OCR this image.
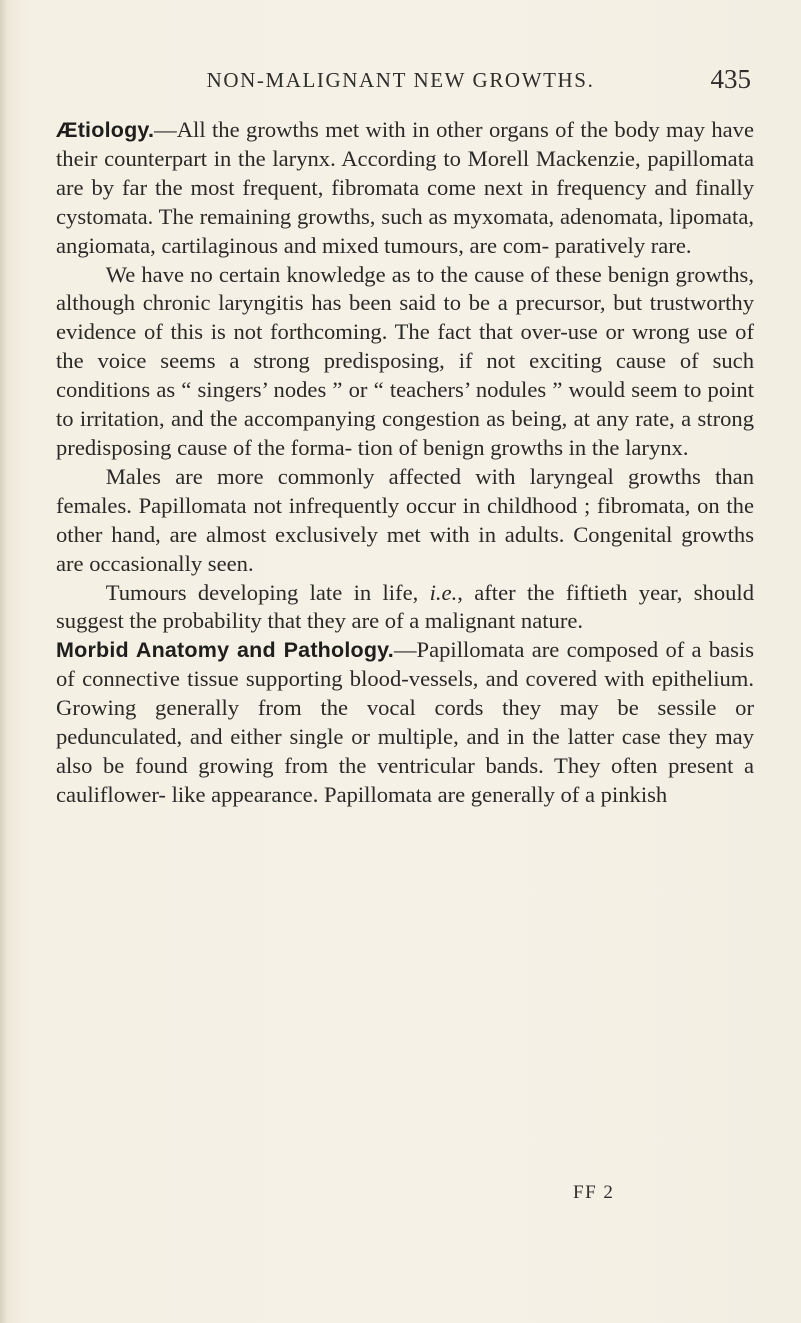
NON-MALIGNANT NEW GROWTHS.	435

Ætiology.—All the growths met with in other organs of the body may have their counterpart in the larynx. According to Morell Mackenzie, papillomata are by far the most frequent, fibromata come next in frequency and finally cystomata. The remaining growths, such as myxomata, adenomata, lipomata, angiomata, cartilaginous and mixed tumours, are com- paratively rare.

We have no certain knowledge as to the cause of these benign growths, although chronic laryngitis has been said to be a precursor, but trustworthy evidence of this is not forthcoming. The fact that over-use or wrong use of the voice seems a strong predisposing, if not exciting cause of such conditions as “ singers’ nodes ” or “ teachers’ nodules ” would seem to point to irritation, and the accompanying congestion as being, at any rate, a strong predisposing cause of the forma- tion of benign growths in the larynx.

Males are more commonly affected with laryngeal growths than females. Papillomata not infrequently occur in childhood ; fibromata, on the other hand, are almost exclusively met with in adults. Congenital growths are occasionally seen.

Tumours developing late in life, i.e., after the fiftieth year, should suggest the probability that they are of a malignant nature.

Morbid Anatomy and Pathology.—Papillomata are composed of a basis of connective tissue supporting blood-vessels, and covered with epithelium. Growing generally from the vocal cords they may be sessile or pedunculated, and either single or multiple, and in the latter case they may also be found growing from the ventricular bands. They often present a cauliflower- like appearance. Papillomata are generally of a pinkish

FF 2
